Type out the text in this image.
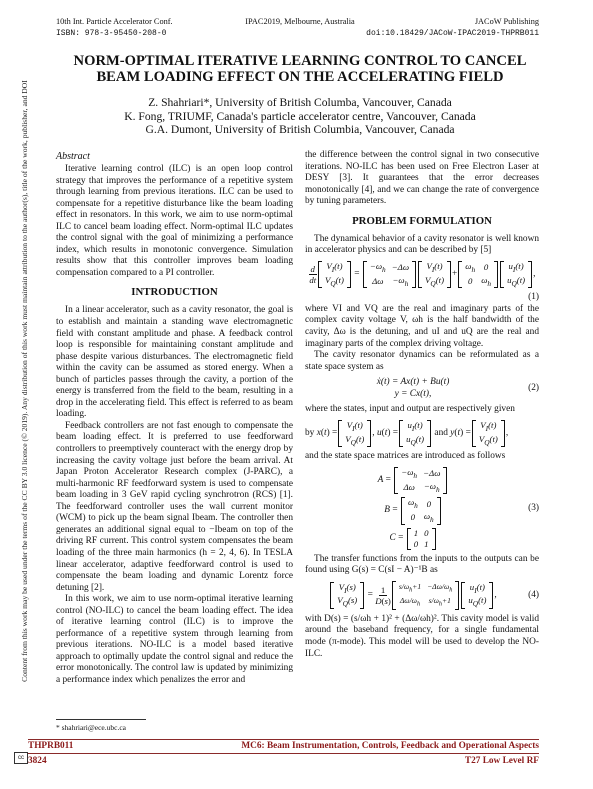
10th Int. Particle Accelerator Conf.	IPAC2019, Melbourne, Australia	JACoW Publishing
ISBN: 978-3-95450-208-0	doi:10.18429/JACoW-IPAC2019-THPRB011
Content from this work may be used under the terms of the CC BY 3.0 licence (© 2019). Any distribution of this work must maintain attribution to the author(s), title of the work, publisher, and DOI
cc
NORM-OPTIMAL ITERATIVE LEARNING CONTROL TO CANCEL
BEAM LOADING EFFECT ON THE ACCELERATING FIELD
Z. Shahriari*, University of British Columba, Vancouver, Canada
K. Fong, TRIUMF, Canada's particle accelerator centre, Vancouver, Canada
G.A. Dumont, University of British Columbia, Vancouver, Canada
Abstract

Iterative learning control (ILC) is an open loop control strategy that improves the performance of a repetitive system through learning from previous iterations. ILC can be used to compensate for a repetitive disturbance like the beam loading effect in resonators. In this work, we aim to use norm-optimal ILC to cancel beam loading effect. Norm-optimal ILC updates the control signal with the goal of minimizing a performance index, which results in monotonic convergence. Simulation results show that this controller improves beam loading compensation compared to a PI controller.

INTRODUCTION

In a linear accelerator, such as a cavity resonator, the goal is to establish and maintain a standing wave electromagnetic field with constant amplitude and phase. A feedback control loop is responsible for maintaining constant amplitude and phase despite various disturbances. The electromagnetic field within the cavity can be assumed as stored energy. When a bunch of particles passes through the cavity, a portion of the energy is transferred from the field to the beam, resulting in a drop in the accelerating field. This effect is referred to as beam loading.

Feedback controllers are not fast enough to compensate the beam loading effect. It is preferred to use feedforward controllers to preemptively counteract with the energy drop by increasing the cavity voltage just before the beam arrival. At Japan Proton Accelerator Research complex (J-PARC), a multi-harmonic RF feedforward system is used to compensate beam loading in 3 GeV rapid cycling synchrotron (RCS) [1]. The feedforward controller uses the wall current monitor (WCM) to pick up the beam signal Ibeam. The controller then generates an additional signal equal to −Ibeam on top of the driving RF current. This control system compensates the beam loading of the three main harmonics (h = 2, 4, 6). In TESLA linear accelerator, adaptive feedforward control is used to compensate the beam loading and dynamic Lorentz force detuning [2].

In this work, we aim to use norm-optimal iterative learning control (NO-ILC) to cancel the beam loading effect. The idea of iterative learning control (ILC) is to improve the performance of a repetitive system through learning from previous iterations. NO-ILC is a model based iterative approach to optimally update the control signal and reduce the error monotonically. The control law is updated by minimizing a performance index which penalizes the error and

* shahriari@ece.ubc.ca

the difference between the control signal in two consecutive iterations. NO-ILC has been used on Free Electron Laser at DESY [3]. It guarantees that the error decreases monotonically [4], and we can change the rate of convergence by tuning parameters.

PROBLEM FORMULATION

The dynamical behavior of a cavity resonator is well known in accelerator physics and can be described by [5]

$\frac{d}{dt} V_I(t)$
$V_Q(t)$
=
$-\omega_h$	−Δω
Δω	$-\omega_h$
$V_I(t)$
$V_Q(t)$
+
$\omega_h$	0
0	$\omega_h$
$u_I(t)$
$u_Q(t)$
,
(1)

where VI and VQ are the real and imaginary parts of the complex cavity voltage V, ωh is the half bandwidth of the cavity, Δω is the detuning, and uI and uQ are the real and imaginary parts of the complex driving voltage.

The cavity resonator dynamics can be reformulated as a state space system as

ẋ(t) = Ax(t) + Bu(t)
y = Cx(t),
(2)

where the states, input and output are respectively given

by x(t) =
$V_I(t)$
$V_Q(t)$
, u(t) =
$u_I(t)$
$u_Q(t)$
and y(t) =
$V_I(t)$
$V_Q(t)$
,

and the state space matrices are introduced as follows

A =
$-\omega_h$	−Δω
Δω	$-\omega_h$
B =
$\omega_h$	0
0	$\omega_h$
C =
1	0
0	1
(3)

The transfer functions from the inputs to the outputs can be found using G(s) = C(sI − A)⁻¹B as

$V_I(s)$
$V_Q(s)$
= $\frac{1}{D(s)} s/\omega_h+1$	$-\Delta\omega/\omega_h$
$\Delta\omega/\omega_h$	$s/\omega_h+1$
$u_I(t)$
$u_Q(t)$
,	(4)

with D(s) = (s/ωh + 1)² + (Δω/ωh)². This cavity model is valid around the baseband frequency, for a single fundamental mode (π-mode). This model will be used to develop the NO-ILC.

THPRB011	MC6: Beam Instrumentation, Controls, Feedback and Operational Aspects
3824	T27 Low Level RF
